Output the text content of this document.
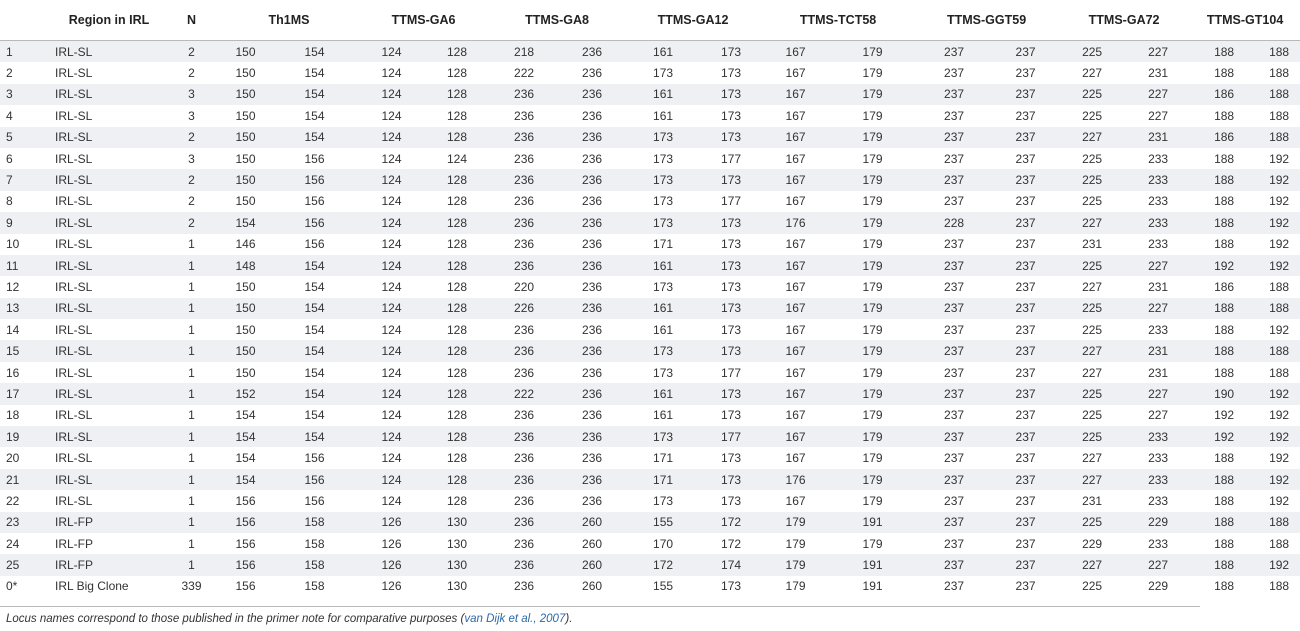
	Region in IRL	N	Th1MS		TTMS-GA6		TTMS-GA8		TTMS-GA12		TTMS-TCT58		TTMS-GGT59		TTMS-GA72		TTMS-GT104	
1	IRL-SL	2	150	154	124	128	218	236	161	173	167	179	237	237	225	227	188	188
2	IRL-SL	2	150	154	124	128	222	236	173	173	167	179	237	237	227	231	188	188
3	IRL-SL	3	150	154	124	128	236	236	161	173	167	179	237	237	225	227	186	188
4	IRL-SL	3	150	154	124	128	236	236	161	173	167	179	237	237	225	227	188	188
5	IRL-SL	2	150	154	124	128	236	236	173	173	167	179	237	237	227	231	186	188
6	IRL-SL	3	150	156	124	124	236	236	173	177	167	179	237	237	225	233	188	192
7	IRL-SL	2	150	156	124	128	236	236	173	173	167	179	237	237	225	233	188	192
8	IRL-SL	2	150	156	124	128	236	236	173	177	167	179	237	237	225	233	188	192
9	IRL-SL	2	154	156	124	128	236	236	173	173	176	179	228	237	227	233	188	192
10	IRL-SL	1	146	156	124	128	236	236	171	173	167	179	237	237	231	233	188	192
11	IRL-SL	1	148	154	124	128	236	236	161	173	167	179	237	237	225	227	192	192
12	IRL-SL	1	150	154	124	128	220	236	173	173	167	179	237	237	227	231	186	188
13	IRL-SL	1	150	154	124	128	226	236	161	173	167	179	237	237	225	227	188	188
14	IRL-SL	1	150	154	124	128	236	236	161	173	167	179	237	237	225	233	188	192
15	IRL-SL	1	150	154	124	128	236	236	173	173	167	179	237	237	227	231	188	188
16	IRL-SL	1	150	154	124	128	236	236	173	177	167	179	237	237	227	231	188	188
17	IRL-SL	1	152	154	124	128	222	236	161	173	167	179	237	237	225	227	190	192
18	IRL-SL	1	154	154	124	128	236	236	161	173	167	179	237	237	225	227	192	192
19	IRL-SL	1	154	154	124	128	236	236	173	177	167	179	237	237	225	233	192	192
20	IRL-SL	1	154	156	124	128	236	236	171	173	167	179	237	237	227	233	188	192
21	IRL-SL	1	154	156	124	128	236	236	171	173	176	179	237	237	227	233	188	192
22	IRL-SL	1	156	156	124	128	236	236	173	173	167	179	237	237	231	233	188	192
23	IRL-FP	1	156	158	126	130	236	260	155	172	179	191	237	237	225	229	188	188
24	IRL-FP	1	156	158	126	130	236	260	170	172	179	179	237	237	229	233	188	188
25	IRL-FP	1	156	158	126	130	236	260	172	174	179	191	237	237	227	227	188	192
0*	IRL Big Clone	339	156	158	126	130	236	260	155	173	179	191	237	237	225	229	188	188
Locus names correspond to those published in the primer note for comparative purposes (van Dijk et al., 2007).
